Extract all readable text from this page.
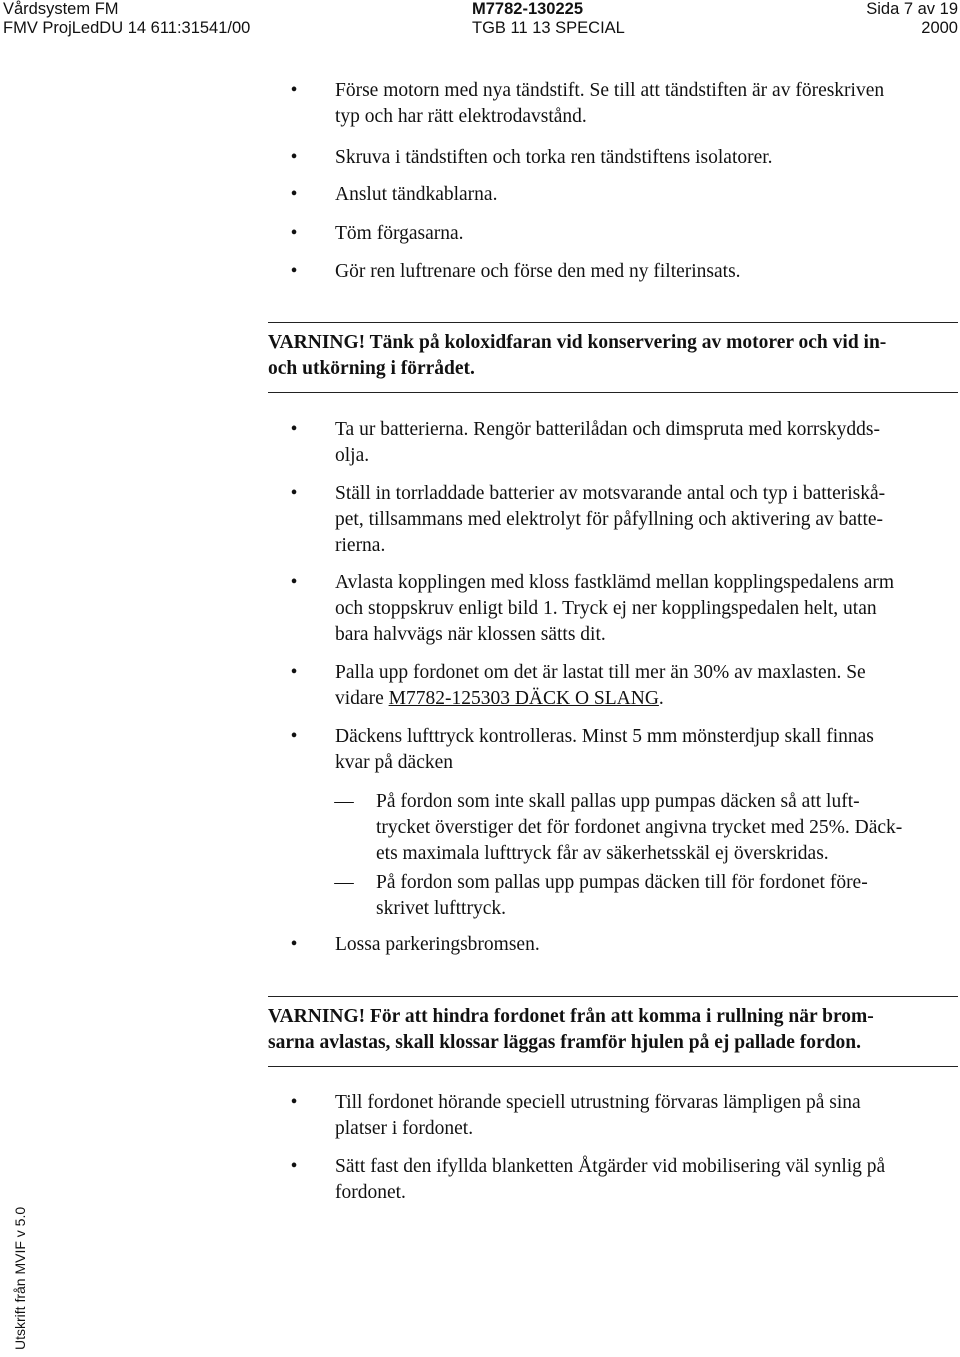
Vårdsystem FM
FMV ProjLedDU 14 611:31541/00
M7782-130225
TGB 11 13 SPECIAL
Sida 7 av 19
2000
• Förse motorn med nya tändstift. Se till att tändstiften är av föreskriven
typ och har rätt elektrodavstånd.
• Skruva i tändstiften och torka ren tändstiftens isolatorer.
• Anslut tändkablarna.
• Töm förgasarna.
• Gör ren luftrenare och förse den med ny filterinsats.
VARNING! Tänk på koloxidfaran vid konservering av motorer och vid in-
och utkörning i förrådet.
• Ta ur batterierna. Rengör batterilådan och dimspruta med korrskydds-
olja.
• Ställ in torrladdade batterier av motsvarande antal och typ i batteriskå-
pet, tillsammans med elektrolyt för påfyllning och aktivering av batte-
rierna.
• Avlasta kopplingen med kloss fastklämd mellan kopplingspedalens arm
och stoppskruv enligt bild 1. Tryck ej ner kopplingspedalen helt, utan
bara halvvägs när klossen sätts dit.
• Palla upp fordonet om det är lastat till mer än 30% av maxlasten. Se
vidare M7782-125303 DÄCK O SLANG.
• Däckens lufttryck kontrolleras. Minst 5 mm mönsterdjup skall finnas
kvar på däcken
— På fordon som inte skall pallas upp pumpas däcken så att luft-
trycket överstiger det för fordonet angivna trycket med 25%. Däck-
ets maximala lufttryck får av säkerhetsskäl ej överskridas.
— På fordon som pallas upp pumpas däcken till för fordonet före-
skrivet lufttryck.
• Lossa parkeringsbromsen.
VARNING! För att hindra fordonet från att komma i rullning när brom-
sarna avlastas, skall klossar läggas framför hjulen på ej pallade fordon.
• Till fordonet hörande speciell utrustning förvaras lämpligen på sina
platser i fordonet.
• Sätt fast den ifyllda blanketten Åtgärder vid mobilisering väl synlig på
fordonet.
Utskrift från MVIF v 5.0
